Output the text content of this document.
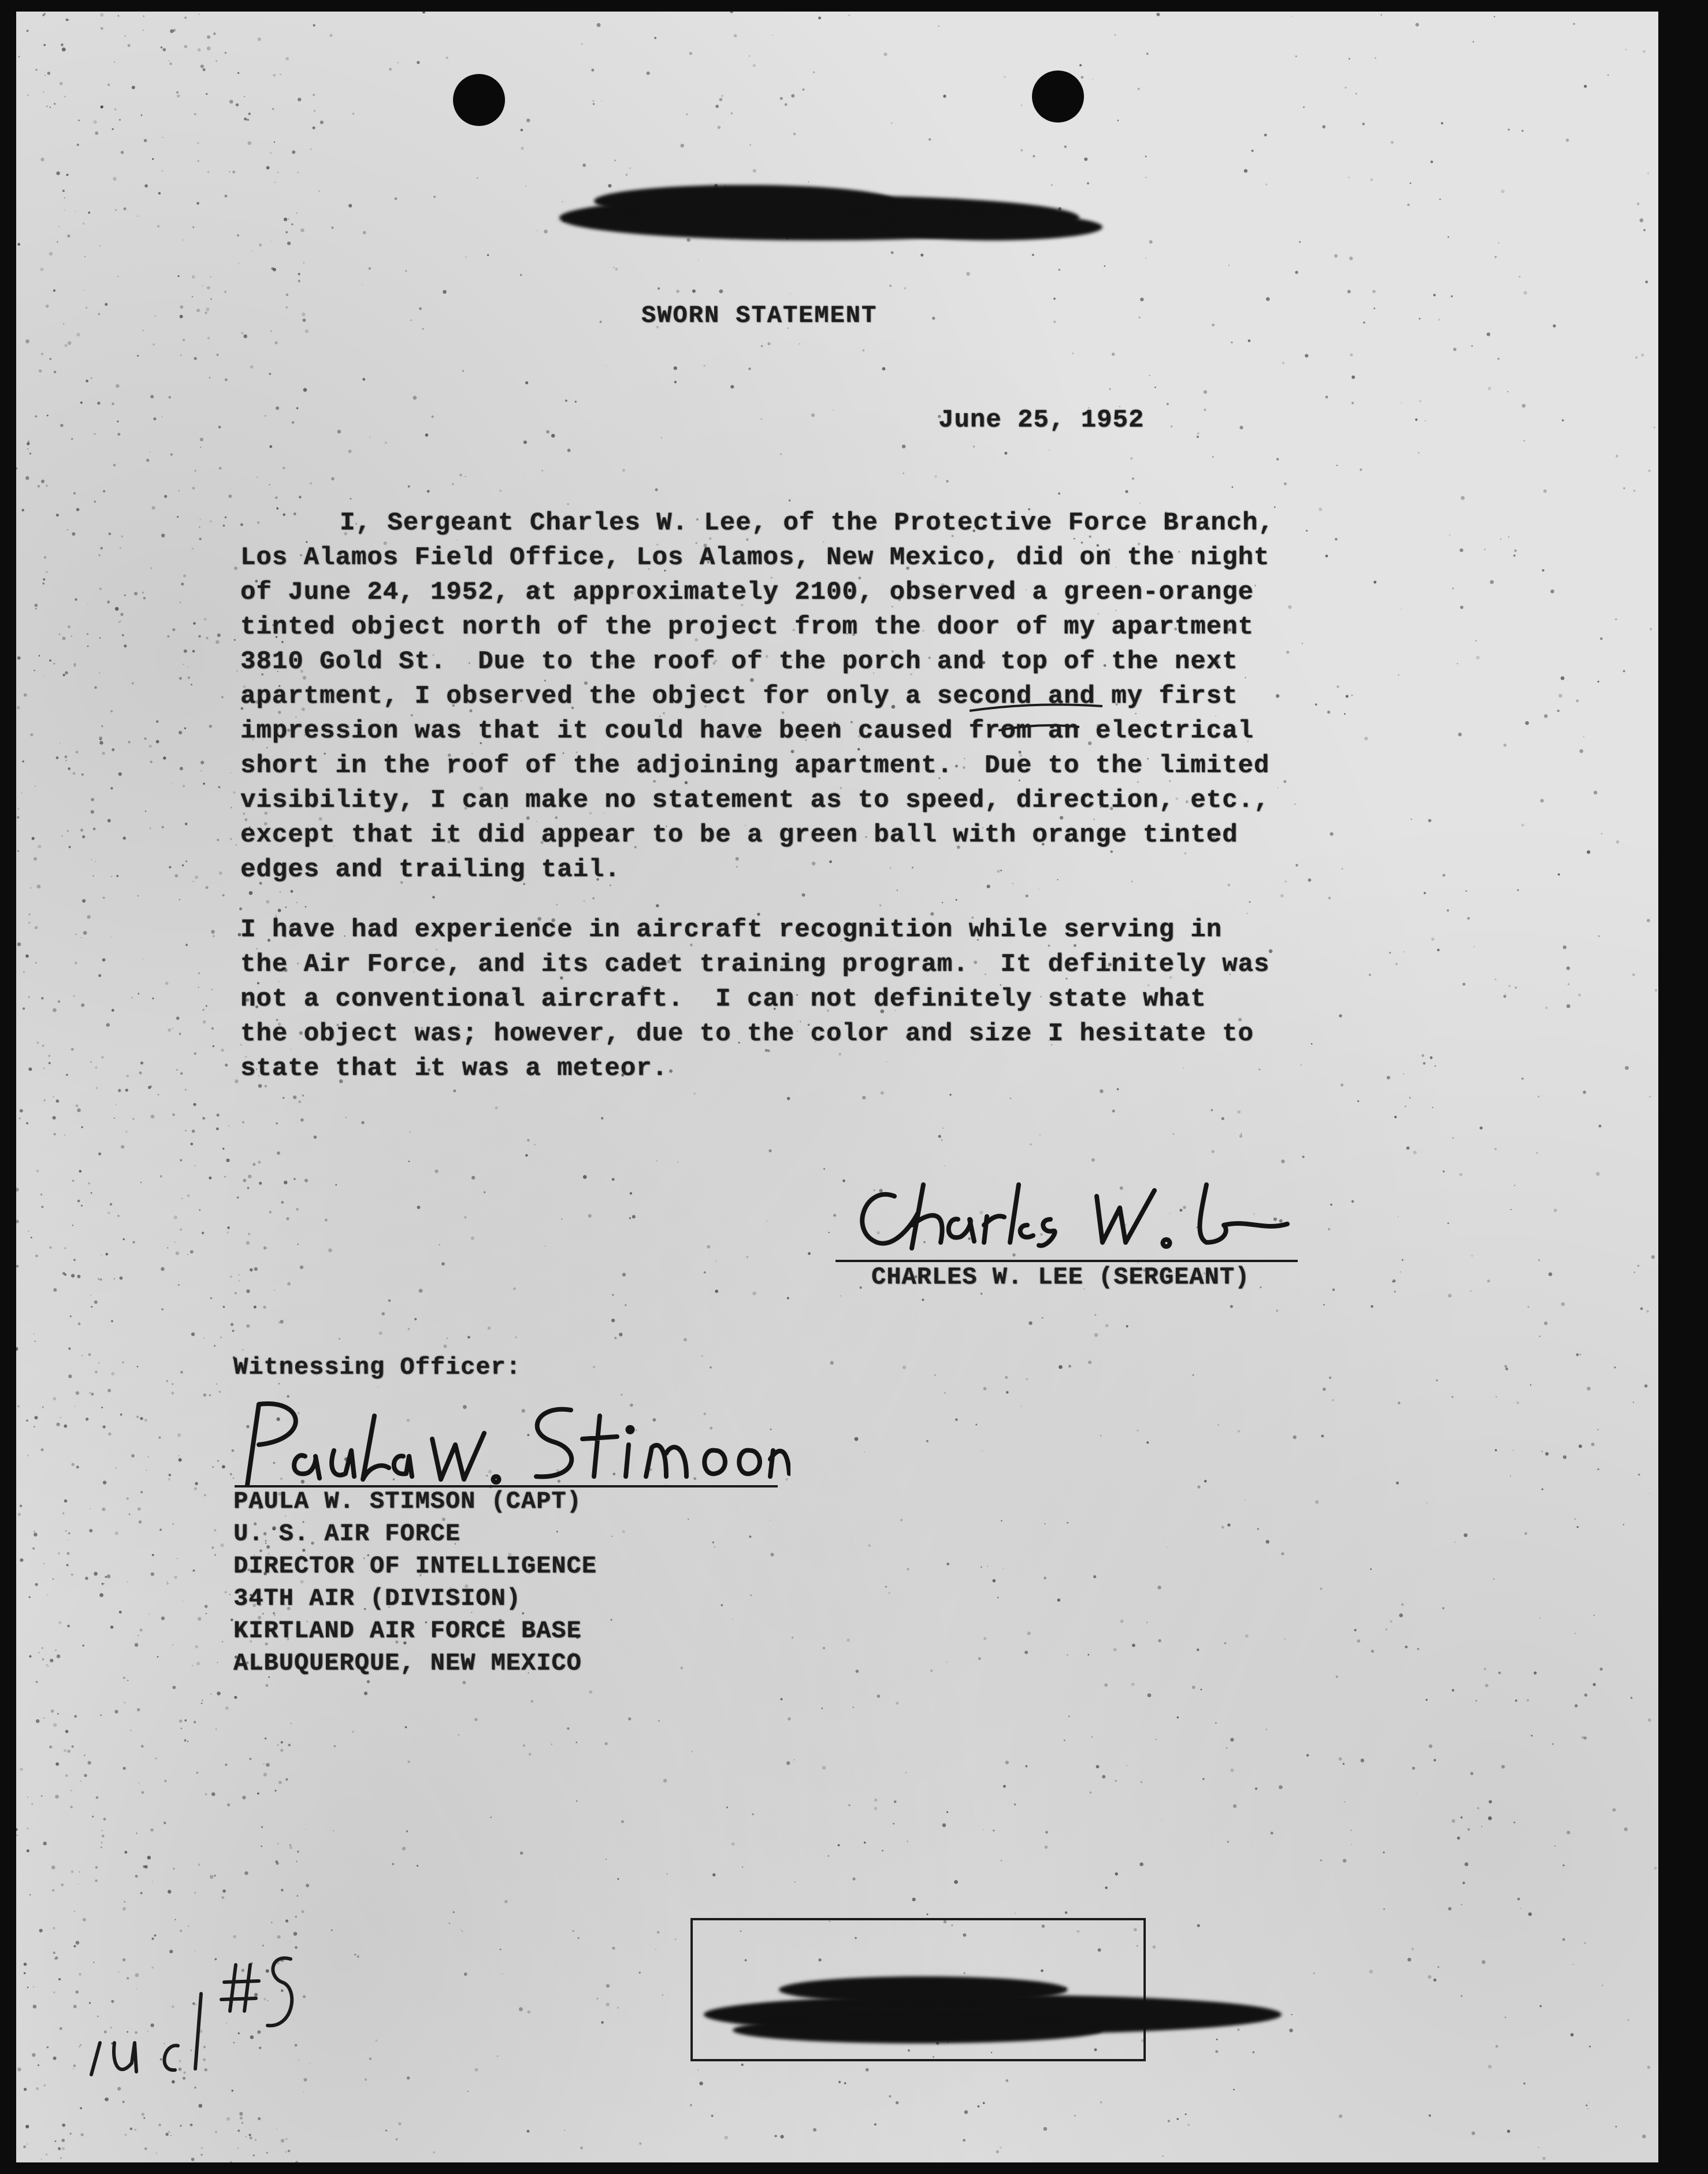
SWORN STATEMENT

June 25, 1952

I, Sergeant Charles W. Lee, of the Protective Force Branch,

Los Alamos Field Office, Los Alamos, New Mexico, did on the night

of June 24, 1952, at approximately 2100, observed a green-orange

tinted object north of the project from the door of my apartment

3810 Gold St.  Due to the roof of the porch and top of the next

apartment, I observed the object for only a second and my first

impression was that it could have been caused from an electrical

short in the roof of the adjoining apartment.  Due to the limited

visibility, I can make no statement as to speed, direction, etc.,

except that it did appear to be a green ball with orange tinted

edges and trailing tail.

I have had experience in aircraft recognition while serving in

the Air Force, and its cadet training program.  It definitely was

not a conventional aircraft.  I can not definitely state what

the object was; however, due to the color and size I hesitate to

state that it was a meteor.

CHARLES W. LEE (SERGEANT)

Witnessing Officer:

PAULA W. STIMSON (CAPT)

U. S. AIR FORCE

DIRECTOR OF INTELLIGENCE

34TH AIR (DIVISION)

KIRTLAND AIR FORCE BASE

ALBUQUERQUE, NEW MEXICO
